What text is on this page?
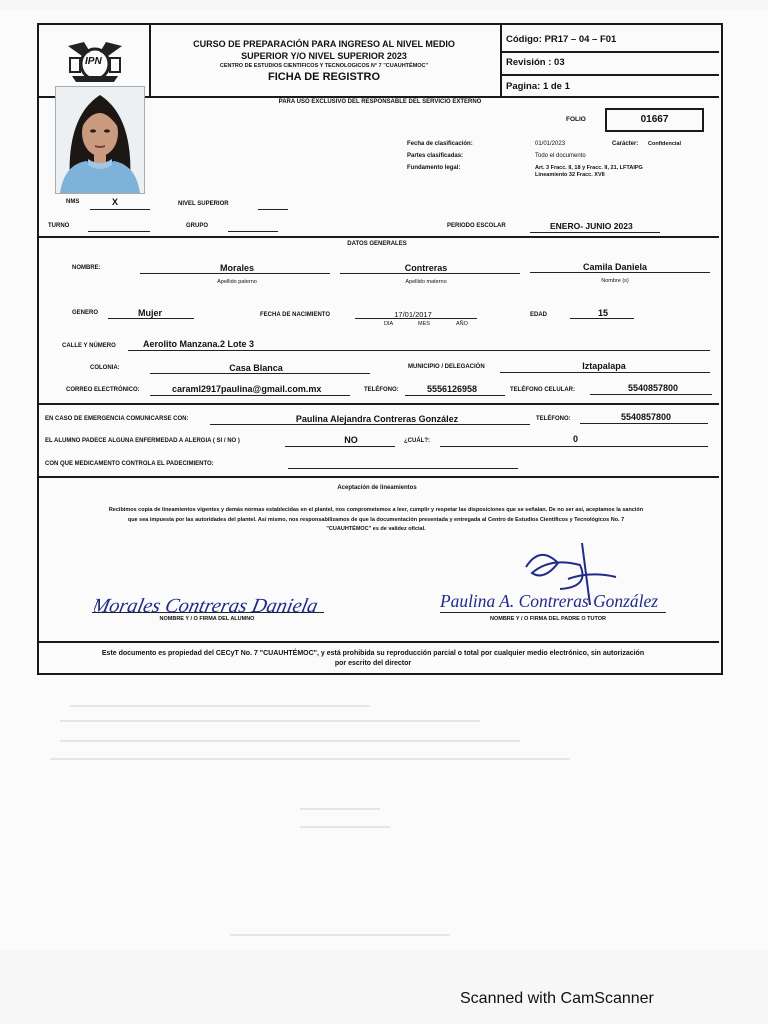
IPN
CURSO DE PREPARACIÓN PARA INGRESO AL NIVEL MEDIO
SUPERIOR Y/O NIVEL SUPERIOR 2023
CENTRO DE ESTUDIOS CIENTIFICOS Y TECNOLOGICOS N° 7 "CUAUHTÉMOC"
FICHA DE REGISTRO
Código: PR17 – 04 – F01
Revisión : 03
Pagina: 1 de 1
PARA USO EXCLUSIVO DEL RESPONSABLE DEL SERVICIO EXTERNO
FOLIO	01667
Fecha de clasificación:	01/01/2023	Carácter: Confidencial
Partes clasificadas:	Todo el documento
Fundamento legal:	Art. 3 Fracc. II, 18 y Fracc. II, 21, LFTAIPG
Lineamiento 32 Fracc. XVII
NMS	X	NIVEL SUPERIOR
TURNO	GRUPO	PERIODO ESCOLAR	ENERO- JUNIO 2023
DATOS GENERALES
NOMBRE:	Morales	Contreras	Camila Daniela
Apellido paterno	Apellido materno	Nombre (s)
GENERO	Mujer	FECHA DE NACIMIENTO	17/01/2017
DIA	MES	AÑO
EDAD	15
CALLE Y NÚMERO	Aerolito Manzana.2 Lote 3
COLONIA:	Casa Blanca	MUNICIPIO / DELEGACIÓN	Iztapalapa
CORREO ELECTRÓNICO:	caraml2917paulina@gmail.com.mx	TELÉFONO:	5556126958	TELÉFONO CELULAR:	5540857800
EN CASO DE EMERGENCIA COMUNICARSE CON:	Paulina Alejandra Contreras González	TELÉFONO:	5540857800
EL ALUMNO PADECE ALGUNA ENFERMEDAD A ALERGIA ( SI / NO )	NO	¿CUÁL?:	0
CON QUE MEDICAMENTO CONTROLA EL PADECIMIENTO:
Aceptación de lineamientos
Recibimos copia de lineamientos vigentes y demás normas establecidas en el plantel, nos comprometemos a leer, cumplir y respetar las disposiciones que se señalan. De no ser así, aceptamos la sanción
que sea impuesta por las autoridades del plantel. Así mismo, nos responsabilizamos de que la documentación presentada y entregada al Centro de Estudios Científicos y Tecnológicos No. 7
"CUAUHTÉMOC" es de validez oficial.
Morales Contreras Daniela
NOMBRE Y / O FIRMA DEL ALUMNO
Paulina A. Contreras González
NOMBRE Y / O FIRMA DEL PADRE O TUTOR
Este documento es propiedad del CECyT No. 7 "CUAUHTÉMOC", y está prohibida su reproducción parcial o total por cualquier medio electrónico, sin autorización
por escrito del director
Scanned with CamScanner
